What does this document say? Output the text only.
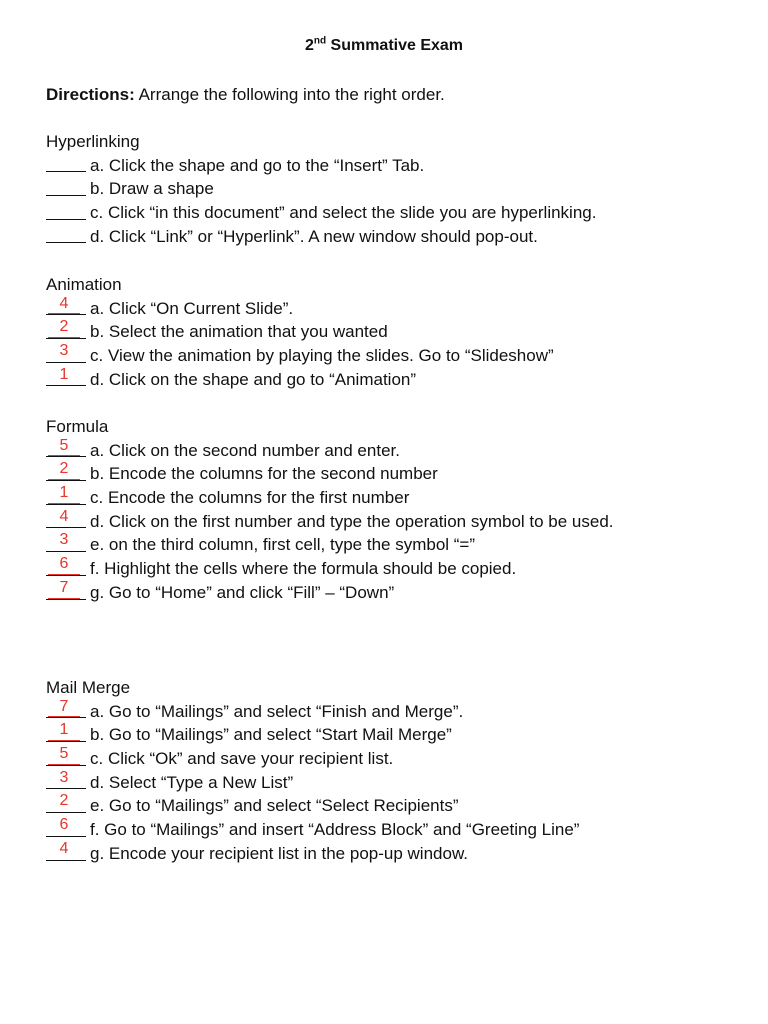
2nd Summative Exam
Directions: Arrange the following into the right order.
Hyperlinking
a. Click the shape and go to the “Insert” Tab.
b. Draw a shape
c. Click “in this document” and select the slide you are hyperlinking.
d. Click “Link” or “Hyperlink”. A new window should pop-out.
Animation
4	a. Click “On Current Slide”.
2	b. Select the animation that you wanted
3	c. View the animation by playing the slides. Go to “Slideshow”
1	d. Click on the shape and go to “Animation”
Formula
5	a. Click on the second number and enter.
2	b. Encode the columns for the second number
1	c. Encode the columns for the first number
4	d. Click on the first number and type the operation symbol to be used.
3	e. on the third column, first cell, type the symbol “=”
6	f. Highlight the cells where the formula should be copied.
7	g. Go to “Home” and click “Fill” – “Down”
Mail Merge
7	a. Go to “Mailings” and select “Finish and Merge”.
1	b. Go to “Mailings” and select “Start Mail Merge”
5	c. Click “Ok” and save your recipient list.
3	d. Select “Type a New List”
2	e. Go to “Mailings” and select “Select Recipients”
6	f. Go to “Mailings” and insert “Address Block” and “Greeting Line”
4	g. Encode your recipient list in the pop-up window.
